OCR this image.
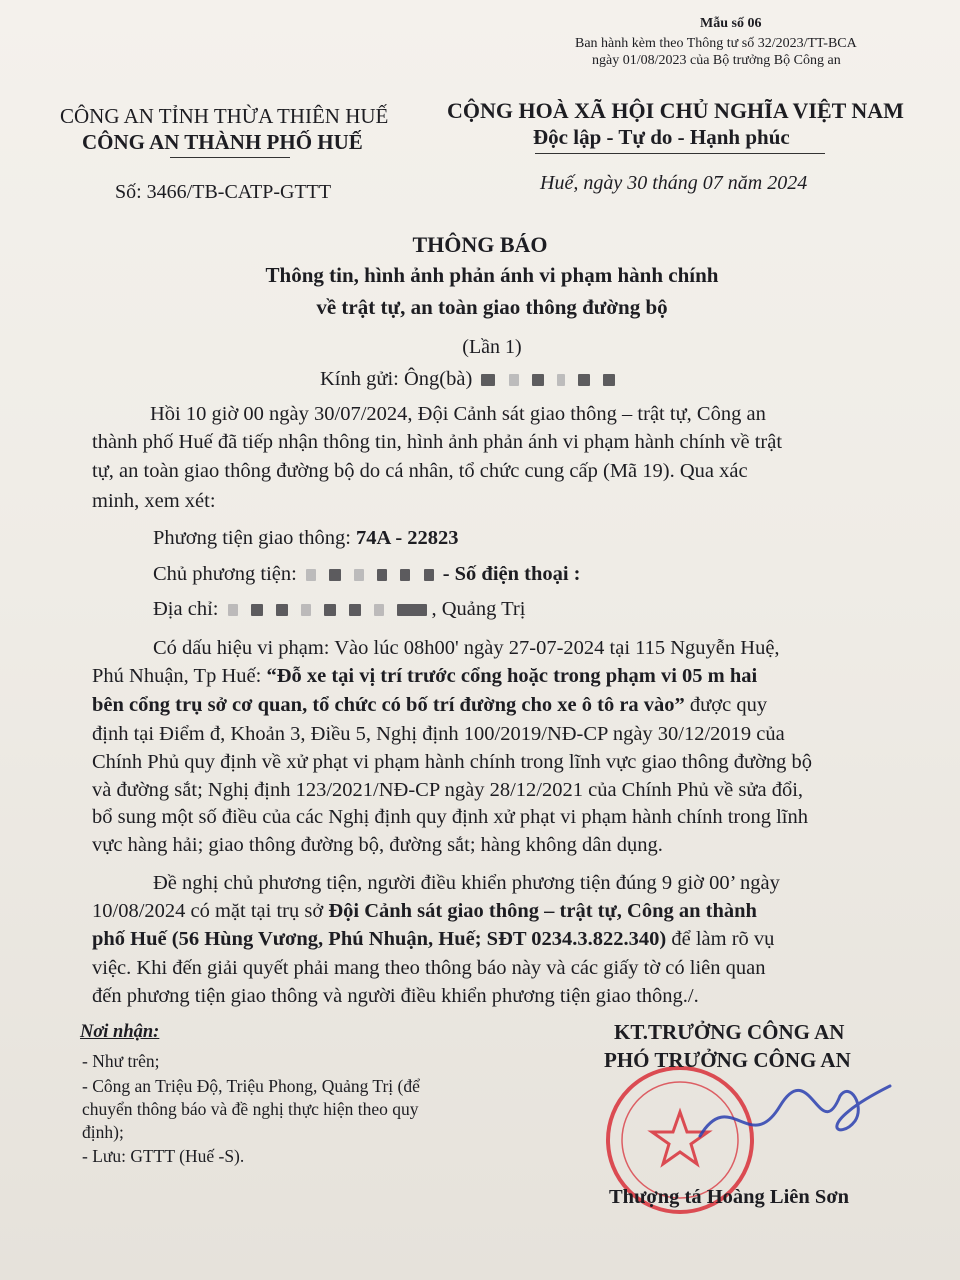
Mẫu số 06
Ban hành kèm theo Thông tư số 32/2023/TT-BCA
ngày 01/08/2023 của Bộ trưởng Bộ Công an
CÔNG AN TỈNH THỪA THIÊN HUẾ
CÔNG AN THÀNH PHỐ HUẾ
CỘNG HOÀ XÃ HỘI CHỦ NGHĨA VIỆT NAM
Độc lập - Tự do - Hạnh phúc
Số: 3466/TB-CATP-GTTT	Huế, ngày 30 tháng 07 năm 2024
THÔNG BÁO
Thông tin, hình ảnh phản ánh vi phạm hành chính
về trật tự, an toàn giao thông đường bộ
(Lần 1)
Kính gửi: Ông(bà)
Hồi 10 giờ 00 ngày 30/07/2024, Đội Cảnh sát giao thông – trật tự, Công an
thành phố Huế đã tiếp nhận thông tin, hình ảnh phản ánh vi phạm hành chính về trật
tự, an toàn giao thông đường bộ do cá nhân, tổ chức cung cấp (Mã 19). Qua xác
minh, xem xét:
Phương tiện giao thông: 74A - 22823
Chủ phương tiện:	- Số điện thoại :
Địa chỉ:	, Quảng Trị
Có dấu hiệu vi phạm: Vào lúc 08h00' ngày 27-07-2024 tại 115 Nguyễn Huệ,
Phú Nhuận, Tp Huế: “Đỗ xe tại vị trí trước cổng hoặc trong phạm vi 05 m hai
bên cổng trụ sở cơ quan, tổ chức có bố trí đường cho xe ô tô ra vào” được quy
định tại Điểm đ, Khoản 3, Điều 5, Nghị định 100/2019/NĐ-CP ngày 30/12/2019 của
Chính Phủ quy định về xử phạt vi phạm hành chính trong lĩnh vực giao thông đường bộ
và đường sắt; Nghị định 123/2021/NĐ-CP ngày 28/12/2021 của Chính Phủ về sửa đổi,
bổ sung một số điều của các Nghị định quy định xử phạt vi phạm hành chính trong lĩnh
vực hàng hải; giao thông đường bộ, đường sắt; hàng không dân dụng.
Đề nghị chủ phương tiện, người điều khiển phương tiện đúng 9 giờ 00’ ngày
10/08/2024 có mặt tại trụ sở Đội Cảnh sát giao thông – trật tự, Công an thành
phố Huế (56 Hùng Vương, Phú Nhuận, Huế; SĐT 0234.3.822.340) để làm rõ vụ
việc. Khi đến giải quyết phải mang theo thông báo này và các giấy tờ có liên quan
đến phương tiện giao thông và người điều khiển phương tiện giao thông./.
Nơi nhận:
- Như trên;
- Công an Triệu Độ, Triệu Phong, Quảng Trị (để
chuyển thông báo và đề nghị thực hiện theo quy
định);
- Lưu: GTTT (Huế -S).
KT.TRƯỞNG CÔNG AN
PHÓ TRƯỞNG CÔNG AN
Thượng tá Hoàng Liên Sơn
